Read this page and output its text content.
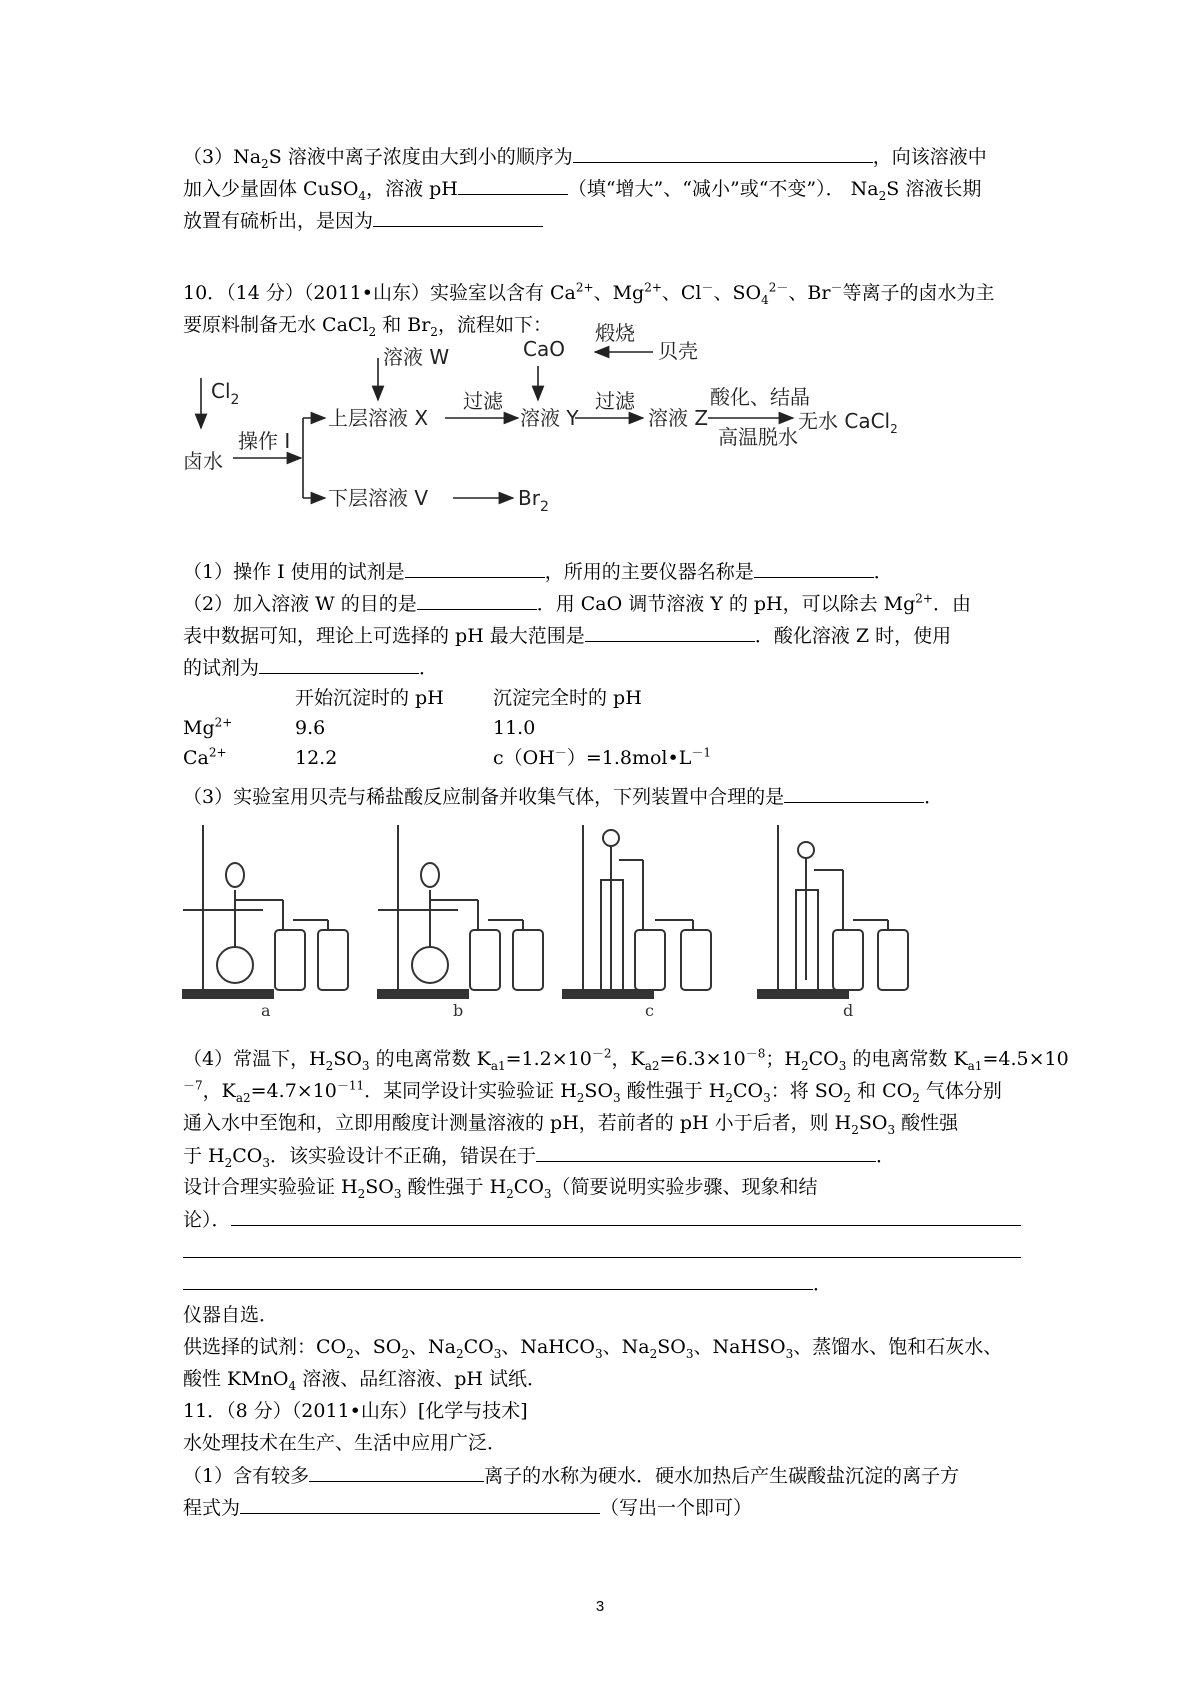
$(3)Na_2S$ 溶液中离子浓度由大到小的顺序为	，向该溶液中
加入少量固体 CuSO$_4$，溶液 pH	（填“增大”、“减小”或“不变”）． $Na_2S$ 溶液长期
放置有硫析出，是因为
10．（14 分）（2011•山东）实验室以含有 $Ca^{2+}$、$Mg^{2+}$、Cl－、$SO_4^{2-}$、Br－等离子的卤水为主
要原料制备无水 CaCl$_2$ 和 $Br_2$，流程如下：
$Cl_2$
卤水
操作 I
上层溶液 X
下层溶液 V	$Br_2$
溶液 W
过滤
溶液 Y
过滤
溶液 Z
酸化、结晶
高温脱水
CaO
煅烧
贝壳
无水 CaCl$_2$
（1）操作 I 使用的试剂是	，所用的主要仪器名称是	．
（2）加入溶液 W 的目的是	．用 CaO 调节溶液 Y 的 pH，可以除去 $Mg^{2+}$．由
表中数据可知，理论上可选择的 pH 最大范围是	．酸化溶液 Z 时，使用
的试剂为	．
开始沉淀时的 pH	沉淀完全时的 pH
$Mg^{2+}$	9.6	11.0
$Ca^{2+}$	12.2	$c(OH^-)=1.8mol•L^{-1}$
（3）实验室用贝壳与稀盐酸反应制备并收集气体，下列装置中合理的是	．
a	b	c	d
（4）常温下，$H_2SO_3$ 的电离常数 $K_{a1}=1.2\times 10^{-2}$，$K_{a2}=6.3\times 10^{-8}$；$H_2CO_3$ 的电离常数 $K_{a1}=4.5\times 10$
$^{-7}$，$K_{a2}=4.7\times 10^{-11}$．某同学设计实验验证 $H_2SO_3$ 酸性强于 $H_2CO_3$：将 $SO_2$ 和 $CO_2$ 气体分别
通入水中至饱和，立即用酸度计测量溶液的 pH，若前者的 pH 小于后者，则 $H_2SO_3$ 酸性强
于 $H_2CO_3$．该实验设计不正确，错误在于	．
设计合理实验验证 $H_2SO_3$ 酸性强于 $H_2CO_3$（简要说明实验步骤、现象和结
论）．
．
仪器自选．
供选择的试剂：$CO_2$、$SO_2$、$Na_2CO_3$、NaHCO$_3$、$Na_2SO_3$、NaHSO$_3$、蒸馏水、饱和石灰水、
酸性 KMnO$_4$ 溶液、品红溶液、pH 试纸．
11．（8 分）（2011•山东）[化学与技术]
水处理技术在生产、生活中应用广泛．
（1）含有较多	离子的水称为硬水．硬水加热后产生碳酸盐沉淀的离子方
程式为	（写出一个即可）
3
